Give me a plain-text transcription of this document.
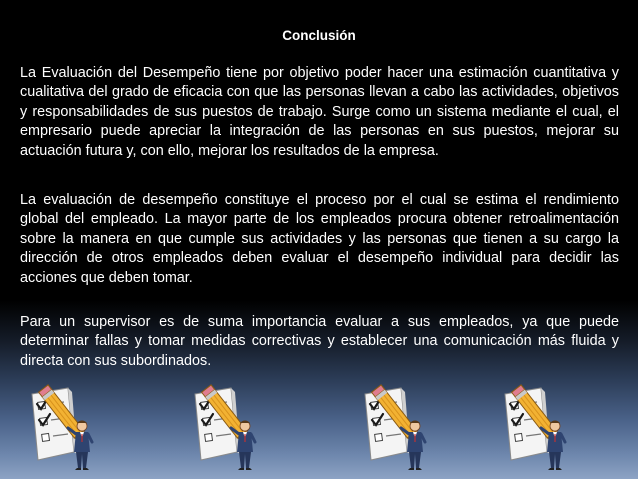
Conclusión

La Evaluación del Desempeño tiene por objetivo poder hacer una estimación cuantitativa y cualitativa del grado de eficacia con que las personas llevan a cabo las actividades, objetivos y responsabilidades de sus puestos de trabajo. Surge como un sistema mediante el cual, el empresario puede apreciar la integración de las personas en sus puestos, mejorar su actuación futura y, con ello, mejorar los resultados de la empresa.

La evaluación de desempeño constituye el proceso por el cual se estima el rendimiento global del empleado. La mayor parte de los empleados procura obtener retroalimentación sobre la manera en que cumple sus actividades y las personas que tienen a su cargo la dirección de otros empleados deben evaluar el desempeño individual para decidir las acciones que deben tomar.

Para un supervisor es de suma importancia evaluar a sus empleados, ya que puede determinar fallas y tomar medidas correctivas y establecer una comunicación más fluida y directa con sus subordinados.
